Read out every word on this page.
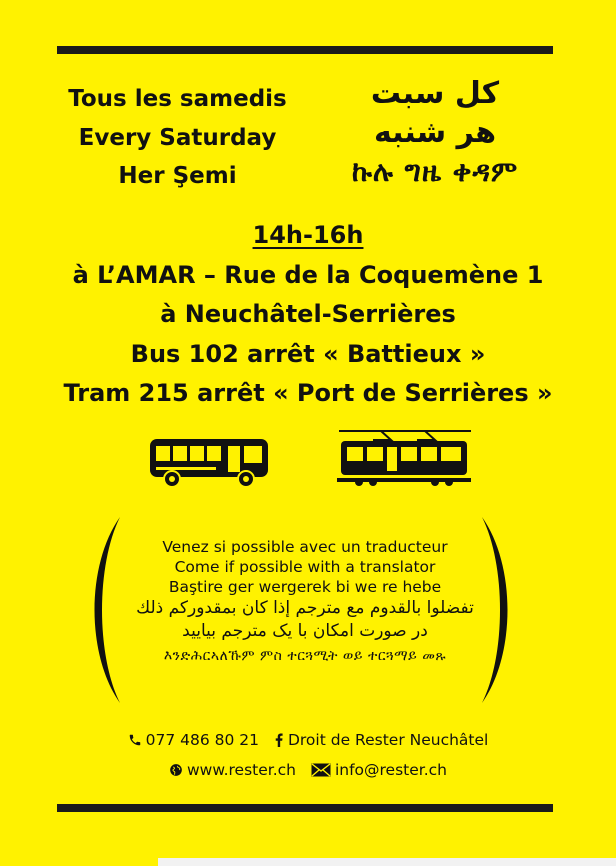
Tous les samedis
Every Saturday
Her Şemi
كل سبت
هر شنبه
ኩሉ ግዜ ቀዳም
14h-16h
à L’AMAR – Rue de la Coquemène 1
à Neuchâtel-Serrières
Bus 102 arrêt « Battieux »
Tram 215 arrêt « Port de Serrières »
Venez si possible avec un traducteur
Come if possible with a translator
Baştire ger wergerek bi we re hebe
تفضلوا بالقدوم مع مترجم إذا كان بمقدوركم ذلك
در صورت امکان با یک مترجم بیایید
እንድሕርኣለኹም ምስ ተርጓሚት ወይ ተርጓማይ መጹ
077 486 80 21 Droit de Rester Neuchâtel
www.rester.ch	info@rester.ch
